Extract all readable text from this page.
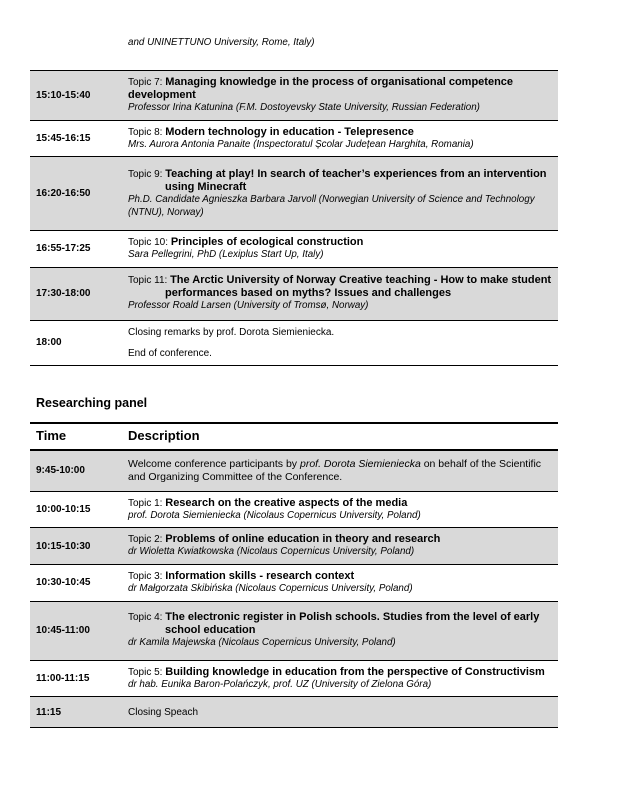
	and UNINETTUNO University, Rome, Italy)

15:10-15:40	Topic 7: Managing knowledge in the process of organisational competence development
Professor Irina Katunina (F.M. Dostoyevsky State University, Russian Federation)

15:45-16:15	Topic 8: Modern technology in education - Telepresence
Mrs. Aurora Antonia Panaite (Inspectoratul Școlar Județean Harghita, Romania)

16:20-16:50	Topic 9: Teaching at play! In search of teacher’s experiences from an intervention
using Minecraft
Ph.D. Candidate Agnieszka Barbara Jarvoll (Norwegian University of Science and Technology (NTNU), Norway)

16:55-17:25	Topic 10: Principles of ecological construction
Sara Pellegrini, PhD (Lexiplus Start Up, Italy)

17:30-18:00	Topic 11: The Arctic University of Norway Creative teaching - How to make student
performances based on myths? Issues and challenges
Professor Roald Larsen (University of Tromsø, Norway)

18:00	Closing remarks by prof. Dorota Siemieniecka.
End of conference.
Researching panel
Time	Description
9:45-10:00	Welcome conference participants by prof. Dorota Siemieniecka on behalf of the Scientific and Organizing Committee of the Conference.
10:00-10:15	Topic 1: Research on the creative aspects of the media
prof. Dorota Siemieniecka (Nicolaus Copernicus University, Poland)

10:15-10:30	Topic 2: Problems of online education in theory and research
dr Wioletta Kwiatkowska (Nicolaus Copernicus University, Poland)

10:30-10:45	Topic 3: Information skills - research context
dr Małgorzata Skibińska (Nicolaus Copernicus University, Poland)

10:45-11:00	Topic 4: The electronic register in Polish schools. Studies from the level of early
school education
dr Kamila Majewska (Nicolaus Copernicus University, Poland)

11:00-11:15	Topic 5: Building knowledge in education from the perspective of Constructivism
dr hab. Eunika Baron-Polańczyk, prof. UZ (University of Zielona Góra)

11:15	Closing Speach
